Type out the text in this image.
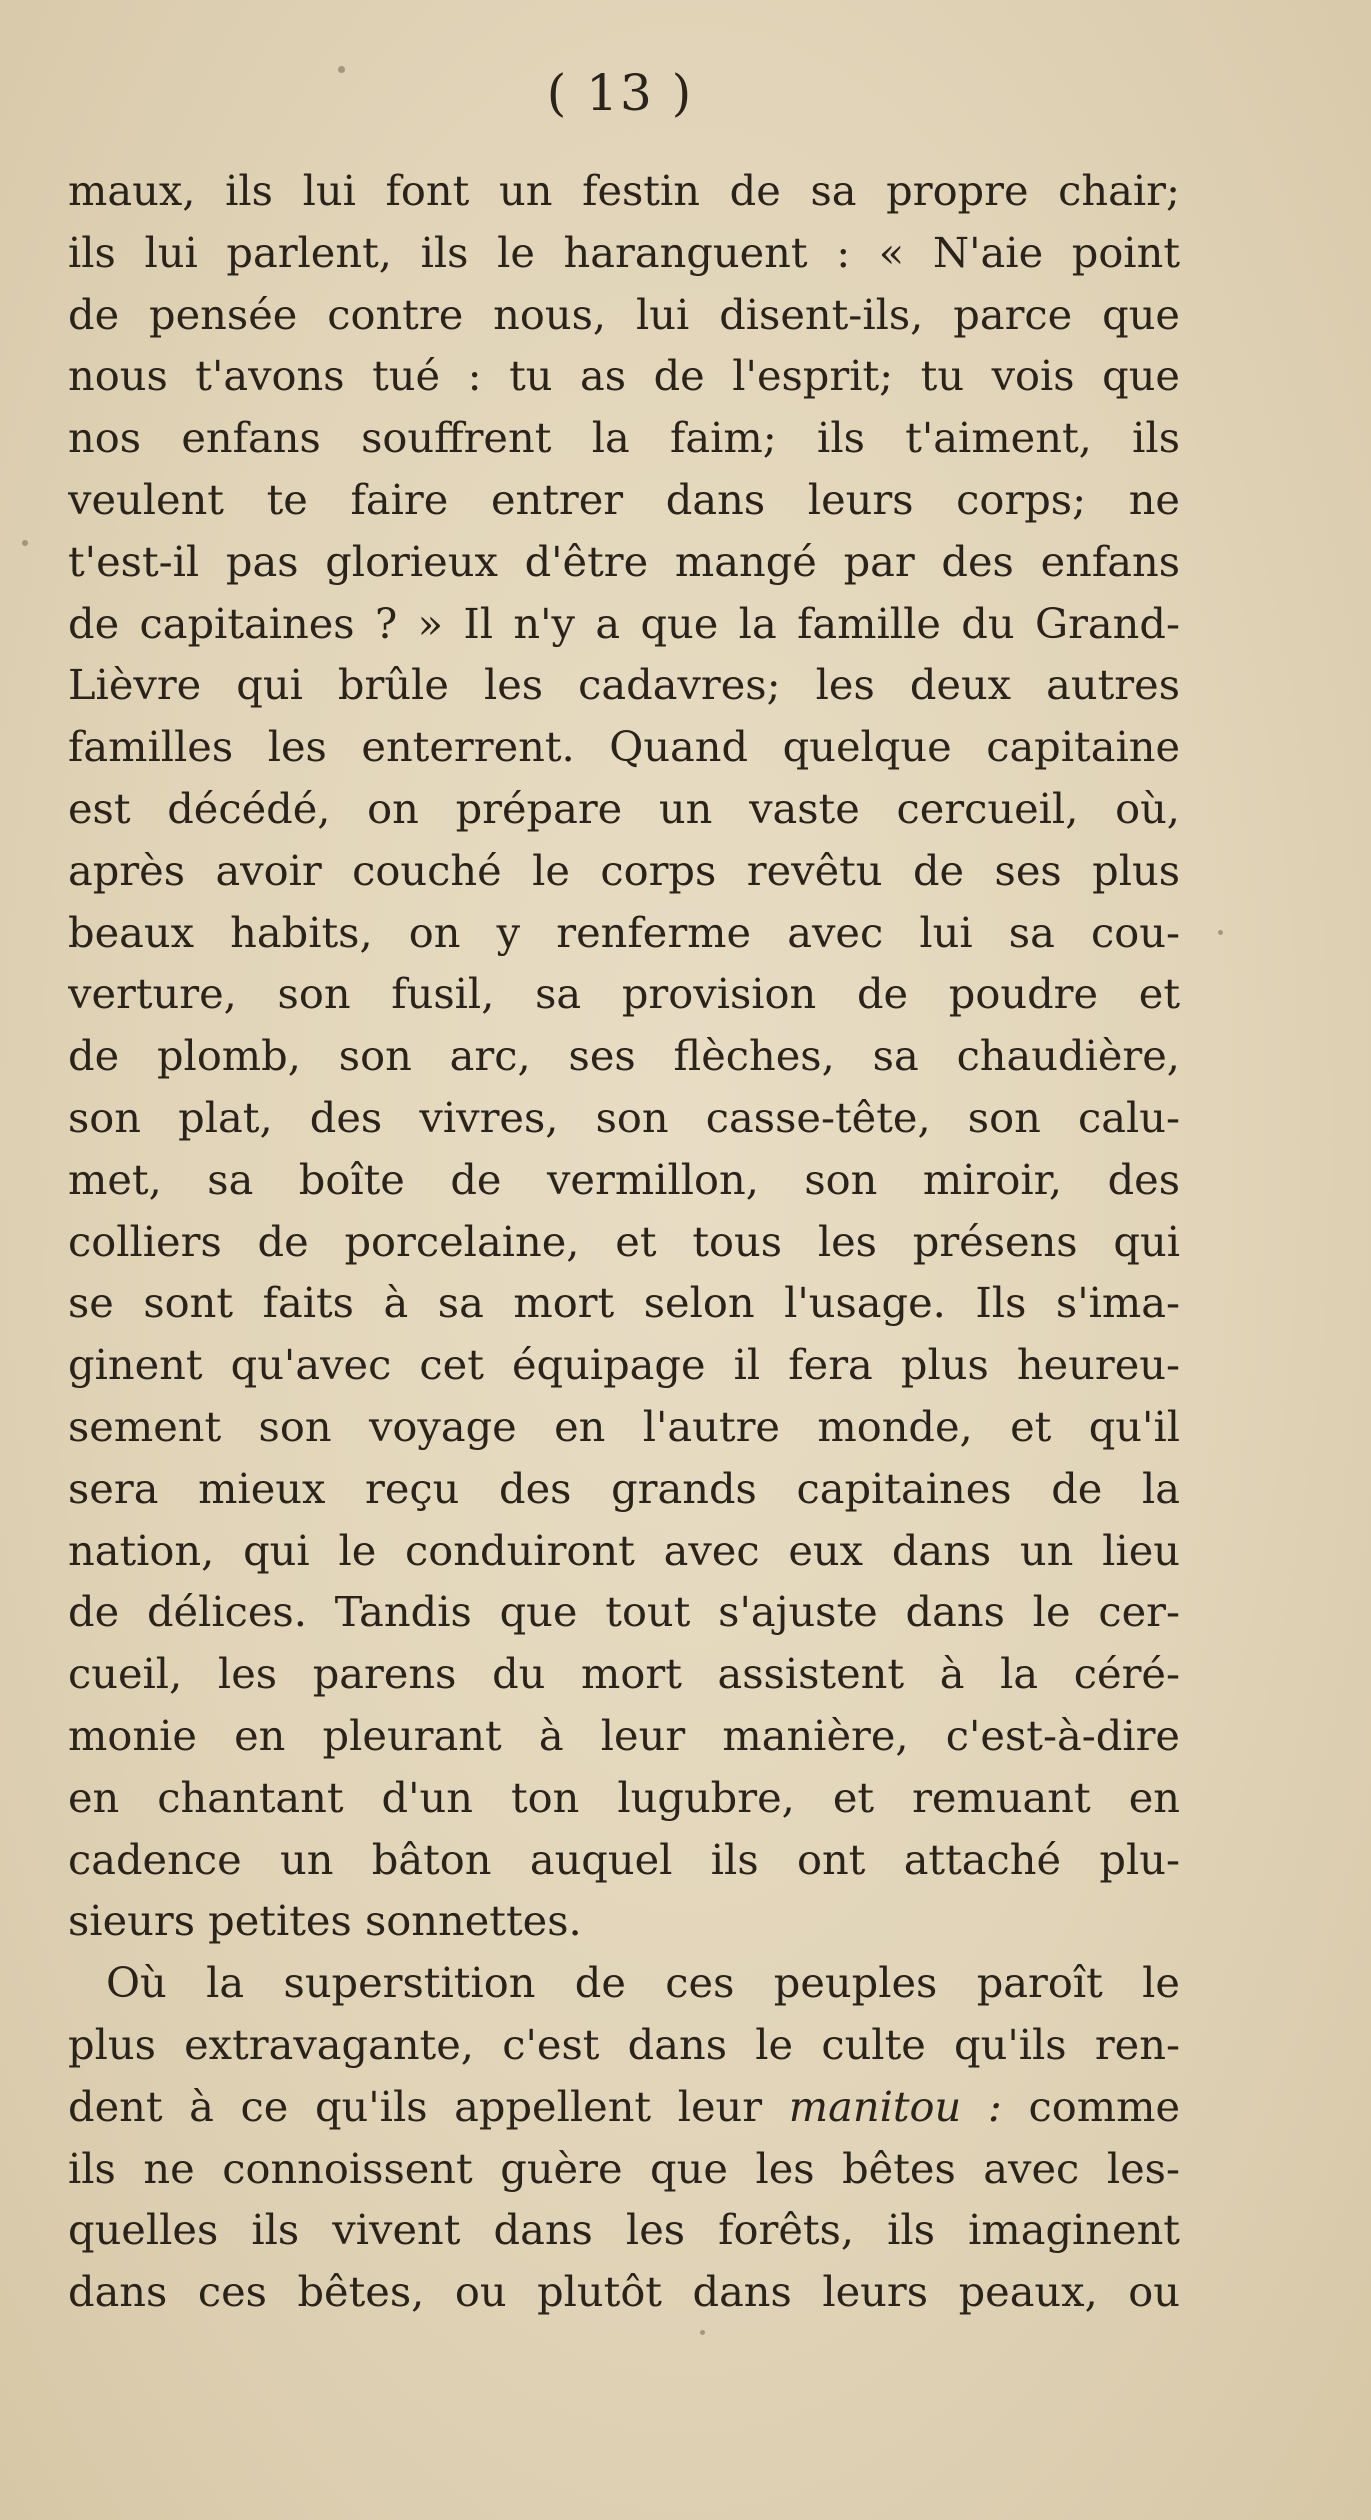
( 13 )
maux, ils lui font un festin de sa propre chair;
ils lui parlent, ils le haranguent : « N'aie point
de pensée contre nous, lui disent-ils, parce que
nous t'avons tué : tu as de l'esprit; tu vois que
nos enfans souffrent la faim; ils t'aiment, ils
veulent te faire entrer dans leurs corps; ne
t'est-il pas glorieux d'être mangé par des enfans
de capitaines ? » Il n'y a que la famille du Grand-
Lièvre qui brûle les cadavres; les deux autres
familles les enterrent. Quand quelque capitaine
est décédé, on prépare un vaste cercueil, où,
après avoir couché le corps revêtu de ses plus
beaux habits, on y renferme avec lui sa cou-
verture, son fusil, sa provision de poudre et
de plomb, son arc, ses flèches, sa chaudière,
son plat, des vivres, son casse-tête, son calu-
met, sa boîte de vermillon, son miroir, des
colliers de porcelaine, et tous les présens qui
se sont faits à sa mort selon l'usage. Ils s'ima-
ginent qu'avec cet équipage il fera plus heureu-
sement son voyage en l'autre monde, et qu'il
sera mieux reçu des grands capitaines de la
nation, qui le conduiront avec eux dans un lieu
de délices. Tandis que tout s'ajuste dans le cer-
cueil, les parens du mort assistent à la céré-
monie en pleurant à leur manière, c'est-à-dire
en chantant d'un ton lugubre, et remuant en
cadence un bâton auquel ils ont attaché plu-
sieurs petites sonnettes.
Où la superstition de ces peuples paroît le
plus extravagante, c'est dans le culte qu'ils ren-
dent à ce qu'ils appellent leur manitou : comme
ils ne connoissent guère que les bêtes avec les-
quelles ils vivent dans les forêts, ils imaginent
dans ces bêtes, ou plutôt dans leurs peaux, ou
